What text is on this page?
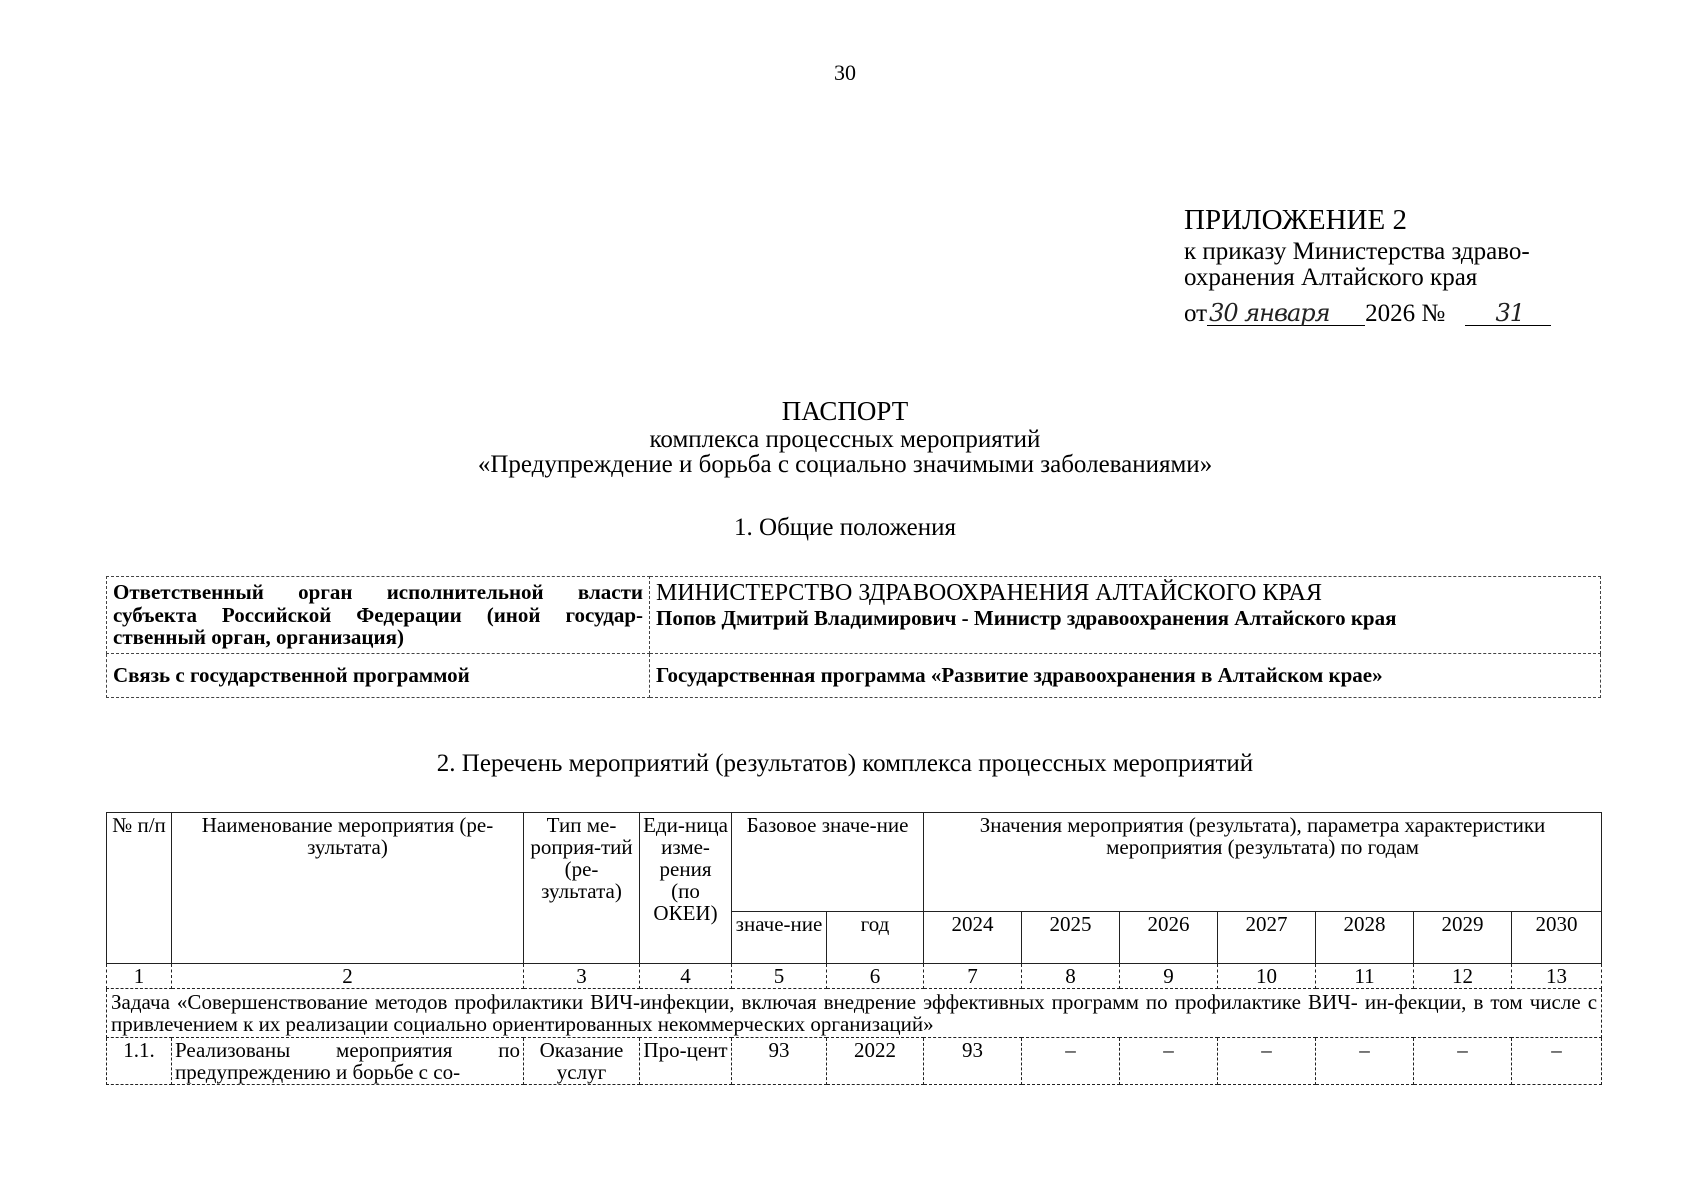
30
ПРИЛОЖЕНИЕ 2
к приказу Министерства здраво-
охранения Алтайского края
от 30 января 2026 № 31
ПАСПОРТ
комплекса процессных мероприятий
«Предупреждение и борьба с социально значимыми заболеваниями»
1. Общие положения
Ответственный орган исполнительной власти субъекта Российской Федерации (иной государ-ственный орган, организация)	МИНИСТЕРСТВО ЗДРАВООХРАНЕНИЯ АЛТАЙСКОГО КРАЯ
Попов Дмитрий Владимирович - Министр здравоохранения Алтайского края

Связь с государственной программой	Государственная программа «Развитие здравоохранения в Алтайском крае»
2. Перечень мероприятий (результатов) комплекса процессных мероприятий
№ п/п	Наименование мероприятия (ре-зультата)	Тип ме-роприя-тий (ре-зультата)	Еди-ница изме-рения (по ОКЕИ)	Базовое значе-ние		Значения мероприятия (результата), параметра характеристики мероприятия (результата) по годам						
				значе-ние	год	2024	2025	2026	2027	2028	2029	2030
1	2	3	4	5	6	7	8	9	10	11	12	13
Задача «Совершенствование методов профилактики ВИЧ-инфекции, включая внедрение эффективных программ по профилактике ВИЧ- ин-фекции, в том числе с привлечением к их реализации социально ориентированных некоммерческих организаций»												
1.1.	Реализованы мероприятия по предупреждению и борьбе с со-	Оказание услуг	Про-цент	93	2022	93	–	–	–	–	–	–
